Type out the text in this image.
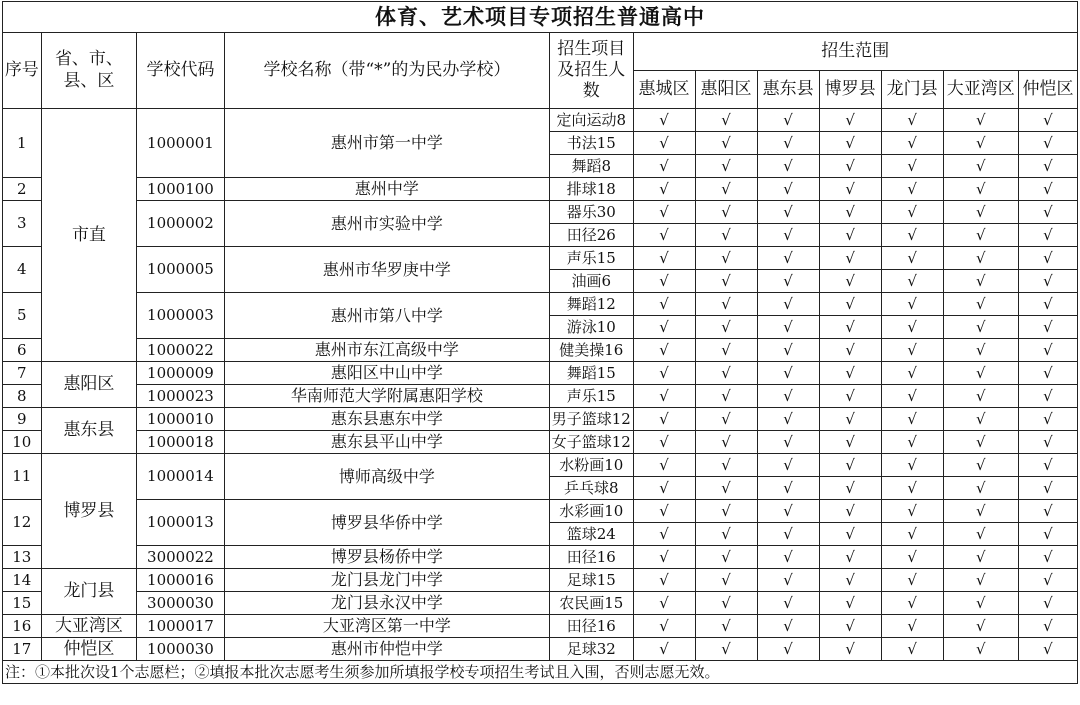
体育、艺术项目专项招生普通高中											
序号	省、市、
县、区	学校代码	学校名称（带“*”的为民办学校）	招生项目
及招生人
数	招生范围						
					惠城区	惠阳区	惠东县	博罗县	龙门县	大亚湾区	仲恺区
1	市直	1000001	惠州市第一中学	定向运动8	√	√	√	√	√	√	√
				书法15	√	√	√	√	√	√	√
				舞蹈8	√	√	√	√	√	√	√
2		1000100	惠州中学	排球18	√	√	√	√	√	√	√
3		1000002	惠州市实验中学	器乐30	√	√	√	√	√	√	√
				田径26	√	√	√	√	√	√	√
4		1000005	惠州市华罗庚中学	声乐15	√	√	√	√	√	√	√
				油画6	√	√	√	√	√	√	√
5		1000003	惠州市第八中学	舞蹈12	√	√	√	√	√	√	√
				游泳10	√	√	√	√	√	√	√
6		1000022	惠州市东江高级中学	健美操16	√	√	√	√	√	√	√
7	惠阳区	1000009	惠阳区中山中学	舞蹈15	√	√	√	√	√	√	√
8		1000023	华南师范大学附属惠阳学校	声乐15	√	√	√	√	√	√	√
9	惠东县	1000010	惠东县惠东中学	男子篮球12	√	√	√	√	√	√	√
10		1000018	惠东县平山中学	女子篮球12	√	√	√	√	√	√	√
11	博罗县	1000014	博师高级中学	水粉画10	√	√	√	√	√	√	√
				乒乓球8	√	√	√	√	√	√	√
12		1000013	博罗县华侨中学	水彩画10	√	√	√	√	√	√	√
				篮球24	√	√	√	√	√	√	√
13		3000022	博罗县杨侨中学	田径16	√	√	√	√	√	√	√
14	龙门县	1000016	龙门县龙门中学	足球15	√	√	√	√	√	√	√
15		3000030	龙门县永汉中学	农民画15	√	√	√	√	√	√	√
16	大亚湾区	1000017	大亚湾区第一中学	田径16	√	√	√	√	√	√	√
17	仲恺区	1000030	惠州市仲恺中学	足球32	√	√	√	√	√	√	√
注：①本批次设1个志愿栏；②填报本批次志愿考生须参加所填报学校专项招生考试且入围，否则志愿无效。											
